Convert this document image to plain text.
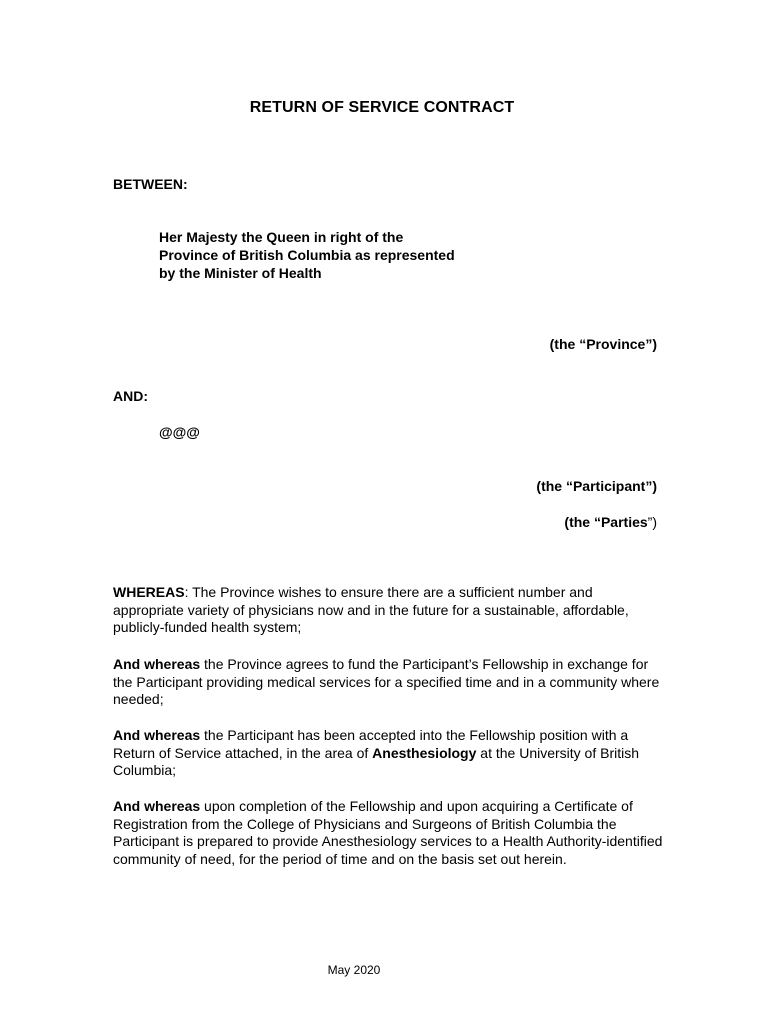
RETURN OF SERVICE CONTRACT
BETWEEN:
Her Majesty the Queen in right of the
Province of British Columbia as represented
by the Minister of Health
(the “Province”)
AND:
@@@
(the “Participant”)
(the “Parties”)
WHEREAS: The Province wishes to ensure there are a sufficient number and appropriate variety of physicians now and in the future for a sustainable, affordable, publicly-funded health system;
And whereas the Province agrees to fund the Participant’s Fellowship in exchange for the Participant providing medical services for a specified time and in a community where needed;
And whereas the Participant has been accepted into the Fellowship position with a Return of Service attached, in the area of Anesthesiology at the University of British Columbia;
And whereas upon completion of the Fellowship and upon acquiring a Certificate of Registration from the College of Physicians and Surgeons of British Columbia the Participant is prepared to provide Anesthesiology services to a Health Authority-identified community of need, for the period of time and on the basis set out herein.
May 2020
